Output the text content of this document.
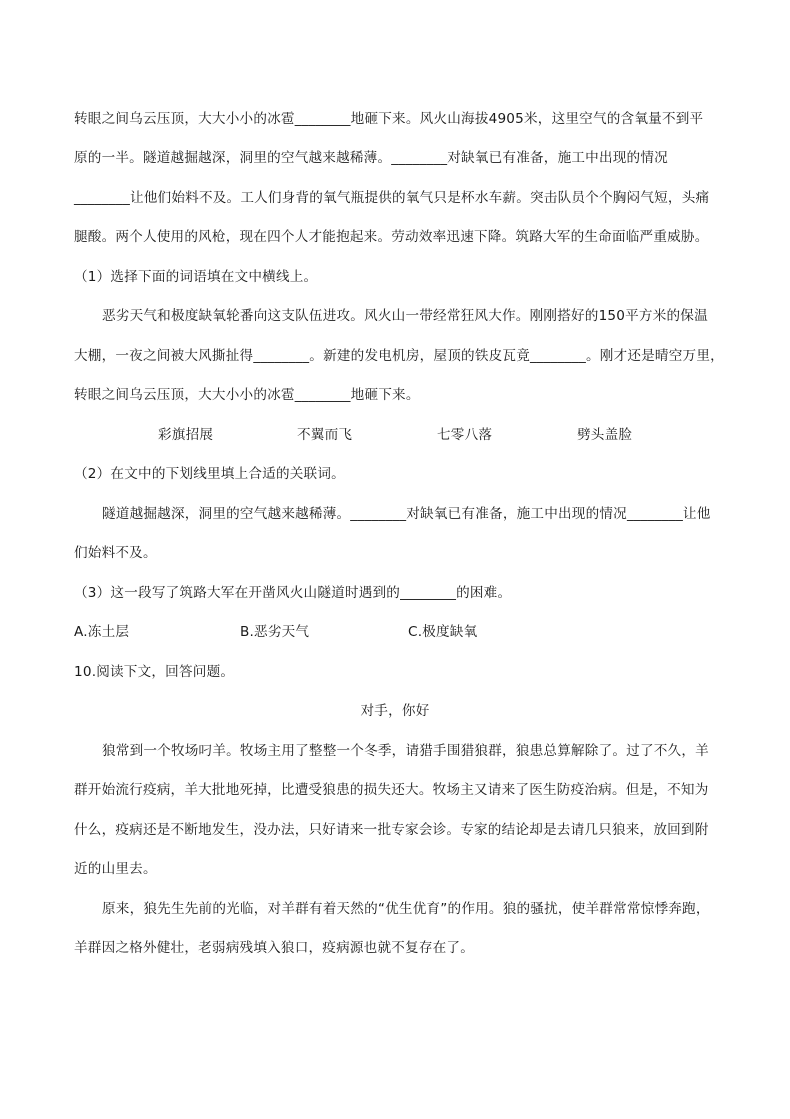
转眼之间乌云压顶，大大小小的冰雹________地砸下来。风火山海拔4905米，这里空气的含氧量不到平
原的一半。隧道越掘越深，洞里的空气越来越稀薄。________对缺氧已有准备，施工中出现的情况
________让他们始料不及。工人们身背的氧气瓶提供的氧气只是杯水车薪。突击队员个个胸闷气短，头痛
腿酸。两个人使用的风枪，现在四个人才能抱起来。劳动效率迅速下降。筑路大军的生命面临严重威胁。
（1）选择下面的词语填在文中横线上。
恶劣天气和极度缺氧轮番向这支队伍进攻。风火山一带经常狂风大作。刚刚搭好的150平方米的保温
大棚，一夜之间被大风撕扯得________。新建的发电机房，屋顶的铁皮瓦竟________。刚才还是晴空万里，
转眼之间乌云压顶，大大小小的冰雹________地砸下来。
彩旗招展	不翼而飞	七零八落	劈头盖脸
（2）在文中的下划线里填上合适的关联词。
隧道越掘越深，洞里的空气越来越稀薄。________对缺氧已有准备，施工中出现的情况________让他
们始料不及。
（3）这一段写了筑路大军在开凿风火山隧道时遇到的________的困难。
A.冻土层	B.恶劣天气	C.极度缺氧
10.阅读下文，回答问题。
对手，你好
狼常到一个牧场叼羊。牧场主用了整整一个冬季，请猎手围猎狼群，狼患总算解除了。过了不久，羊
群开始流行疫病，羊大批地死掉，比遭受狼患的损失还大。牧场主又请来了医生防疫治病。但是，不知为
什么，疫病还是不断地发生，没办法，只好请来一批专家会诊。专家的结论却是去请几只狼来，放回到附
近的山里去。
原来，狼先生先前的光临，对羊群有着天然的“优生优育”的作用。狼的骚扰，使羊群常常惊悸奔跑，
羊群因之格外健壮，老弱病残填入狼口，疫病源也就不复存在了。
